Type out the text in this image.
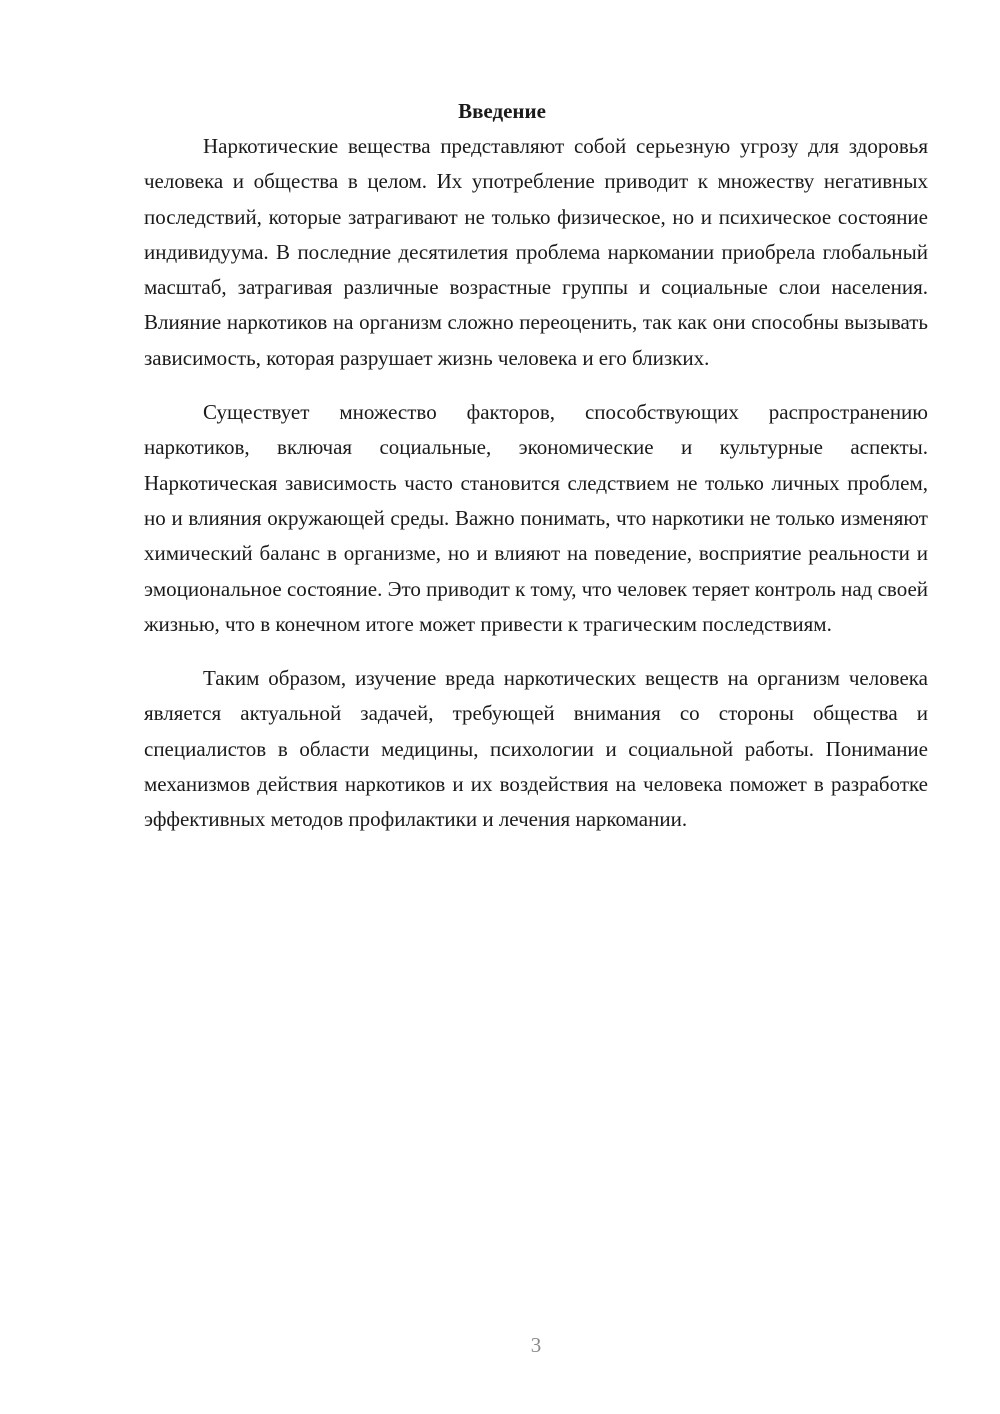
Введение

Наркотические вещества представляют собой серьезную угрозу для здоровья человека и общества в целом. Их употребление приводит к множеству негативных последствий, которые затрагивают не только физическое, но и психическое состояние индивидуума. В последние десятилетия проблема наркомании приобрела глобальный масштаб, затрагивая различные возрастные группы и социальные слои населения. Влияние наркотиков на организм сложно переоценить, так как они способны вызывать зависимость, которая разрушает жизнь человека и его близких.

Существует множество факторов, способствующих распространению наркотиков, включая социальные, экономические и культурные аспекты. Наркотическая зависимость часто становится следствием не только личных проблем, но и влияния окружающей среды. Важно понимать, что наркотики не только изменяют химический баланс в организме, но и влияют на поведение, восприятие реальности и эмоциональное состояние. Это приводит к тому, что человек теряет контроль над своей жизнью, что в конечном итоге может привести к трагическим последствиям.

Таким образом, изучение вреда наркотических веществ на организм человека является актуальной задачей, требующей внимания со стороны общества и специалистов в области медицины, психологии и социальной работы. Понимание механизмов действия наркотиков и их воздействия на человека поможет в разработке эффективных методов профилактики и лечения наркомании.

3
